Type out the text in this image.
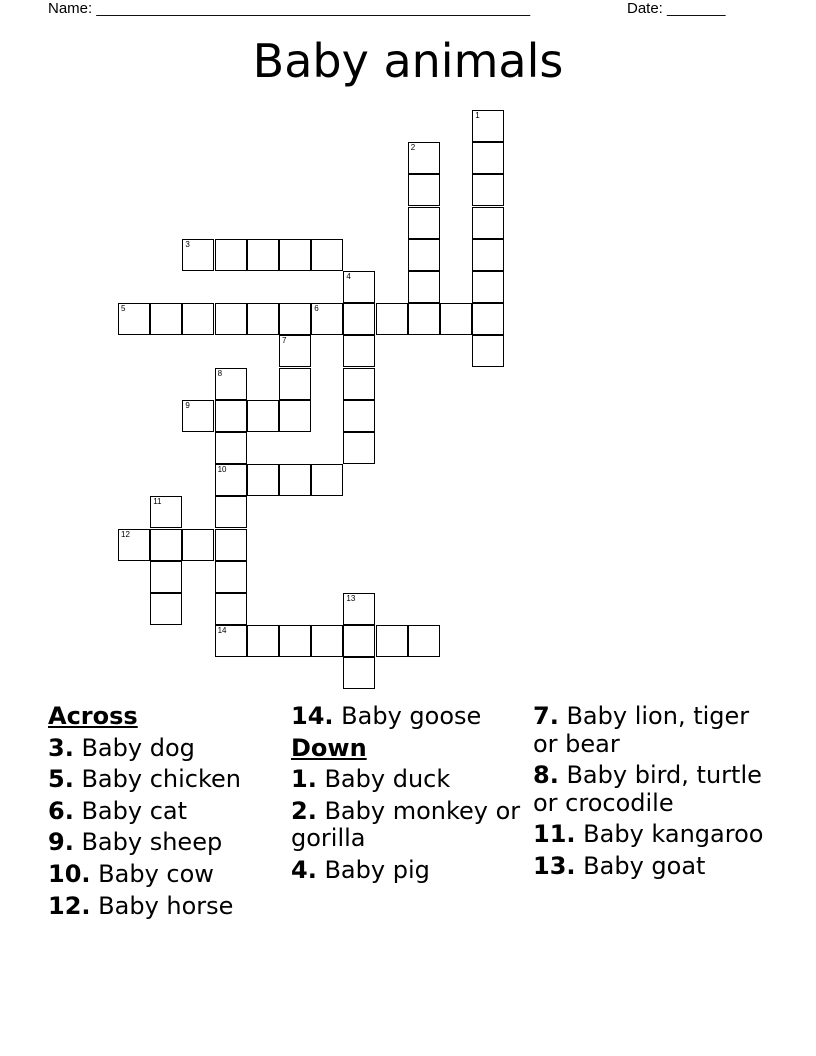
Name: ____________________________________________________	Date: _______
Baby animals
1
2
3
4
5	6
7
8
10
9
11
12
13
14
Across
3. Baby dog
5. Baby chicken
6. Baby cat
9. Baby sheep
10. Baby cow
12. Baby horse
14. Baby goose
Down
1. Baby duck
2. Baby monkey or gorilla
4. Baby pig
7. Baby lion, tiger or bear
8. Baby bird, turtle or crocodile
11. Baby kangaroo
13. Baby goat
